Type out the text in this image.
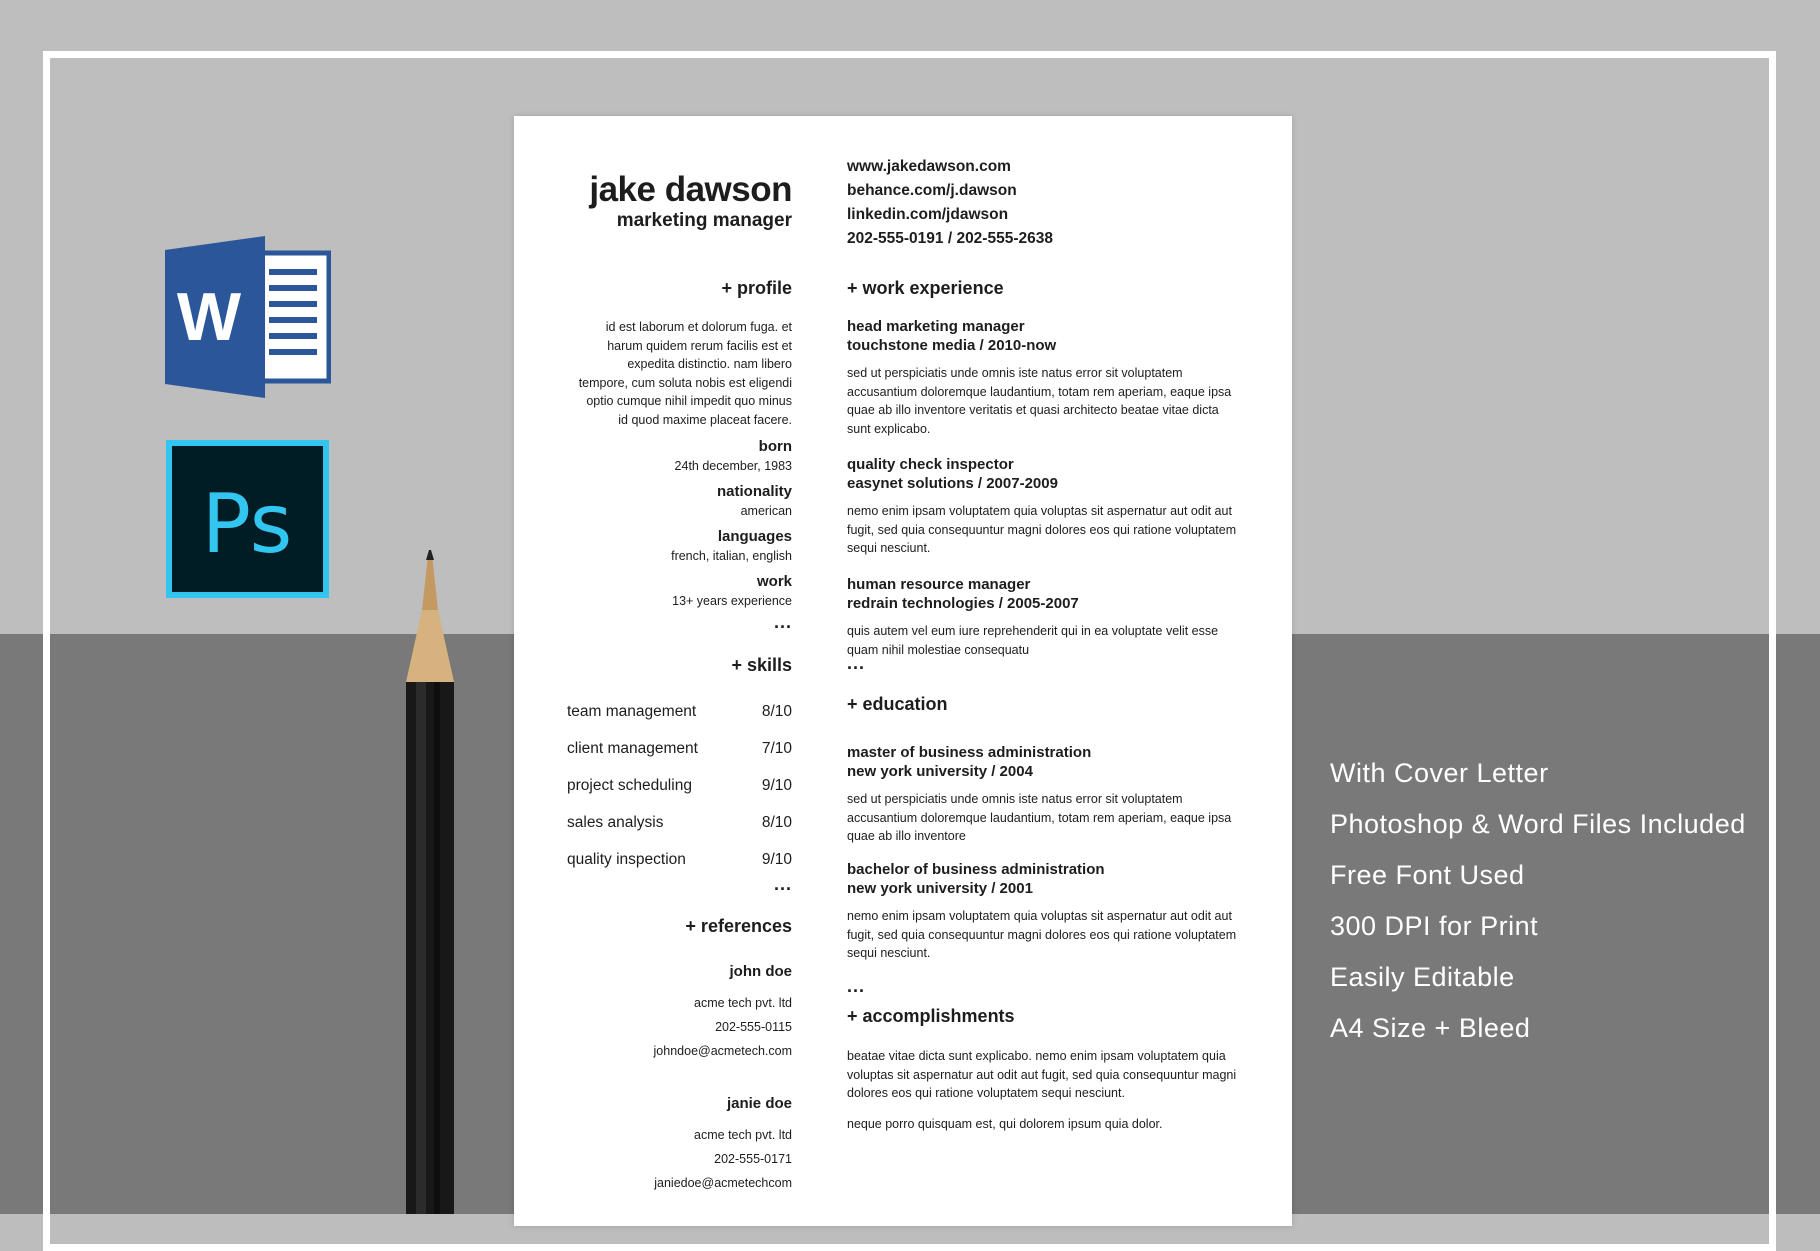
W
Ps
jake dawson
marketing manager
+ profile
id est laborum et dolorum fuga. et
harum quidem rerum facilis est et
expedita distinctio. nam libero
tempore, cum soluta nobis est eligendi
optio cumque nihil impedit quo minus
id quod maxime placeat facere.
born
24th december, 1983
nationality
american
languages
french, italian, english
work
13+ years experience
...
+ skills
team management	8/10
client management	7/10
project scheduling	9/10
sales analysis	8/10
quality inspection	9/10
...
+ references
john doe
acme tech pvt. ltd
202-555-0115
johndoe@acmetech.com
janie doe
acme tech pvt. ltd
202-555-0171
janiedoe@acmetechcom
www.jakedawson.com
behance.com/j.dawson
linkedin.com/jdawson
202-555-0191 / 202-555-2638
+ work experience
head marketing manager
touchstone media / 2010-now
sed ut perspiciatis unde omnis iste natus error sit voluptatem
accusantium doloremque laudantium, totam rem aperiam, eaque ipsa
quae ab illo inventore veritatis et quasi architecto beatae vitae dicta
sunt explicabo.
quality check inspector
easynet solutions / 2007-2009
nemo enim ipsam voluptatem quia voluptas sit aspernatur aut odit aut
fugit, sed quia consequuntur magni dolores eos qui ratione voluptatem
sequi nesciunt.
human resource manager
redrain technologies / 2005-2007
quis autem vel eum iure reprehenderit qui in ea voluptate velit esse
quam nihil molestiae consequatu
...
+ education
master of business administration
new york university / 2004
sed ut perspiciatis unde omnis iste natus error sit voluptatem
accusantium doloremque laudantium, totam rem aperiam, eaque ipsa
quae ab illo inventore
bachelor of business administration
new york university / 2001
nemo enim ipsam voluptatem quia voluptas sit aspernatur aut odit aut
fugit, sed quia consequuntur magni dolores eos qui ratione voluptatem
sequi nesciunt.
...
+ accomplishments
beatae vitae dicta sunt explicabo. nemo enim ipsam voluptatem quia
voluptas sit aspernatur aut odit aut fugit, sed quia consequuntur magni
dolores eos qui ratione voluptatem sequi nesciunt.
neque porro quisquam est, qui dolorem ipsum quia dolor.
With Cover Letter
Photoshop & Word Files Included
Free Font Used
300 DPI for Print
Easily Editable
A4 Size + Bleed
